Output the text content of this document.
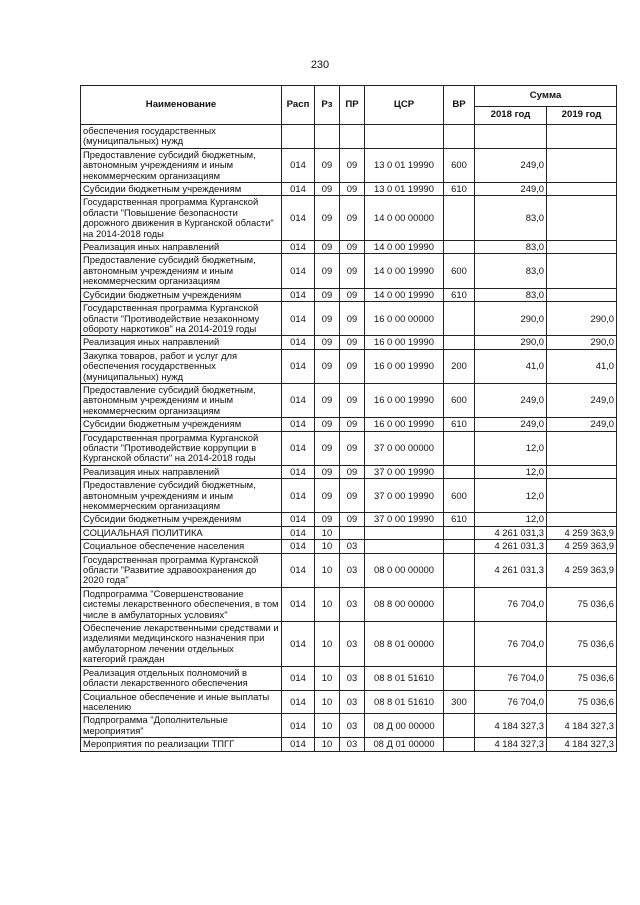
230
Наименование	Расп	Рз	ПР	ЦСР	ВР	Сумма	
						2018 год	2019 год
обеспечения государственных (муниципальных) нужд							
Предоставление субсидий бюджетным, автономным учреждениям и иным некоммерческим организациям	014	09	09	13 0 01 19990	600	249,0	
Субсидии бюджетным учреждениям	014	09	09	13 0 01 19990	610	249,0	
Государственная программа Курганской области "Повышение безопасности дорожного движения в Курганской области" на 2014-2018 годы	014	09	09	14 0 00 00000		83,0	
Реализация иных направлений	014	09	09	14 0 00 19990		83,0	
Предоставление субсидий бюджетным, автономным учреждениям и иным некоммерческим организациям	014	09	09	14 0 00 19990	600	83,0	
Субсидии бюджетным учреждениям	014	09	09	14 0 00 19990	610	83,0	
Государственная программа Курганской области "Противодействие незаконному обороту наркотиков" на 2014-2019 годы	014	09	09	16 0 00 00000		290,0	290,0
Реализация иных направлений	014	09	09	16 0 00 19990		290,0	290,0
Закупка товаров, работ и услуг для обеспечения государственных (муниципальных) нужд	014	09	09	16 0 00 19990	200	41,0	41,0
Предоставление субсидий бюджетным, автономным учреждениям и иным некоммерческим организациям	014	09	09	16 0 00 19990	600	249,0	249,0
Субсидии бюджетным учреждениям	014	09	09	16 0 00 19990	610	249,0	249,0
Государственная программа Курганской области "Противодействие коррупции в Курганской области" на 2014-2018 годы	014	09	09	37 0 00 00000		12,0	
Реализация иных направлений	014	09	09	37 0 00 19990		12,0	
Предоставление субсидий бюджетным, автономным учреждениям и иным некоммерческим организациям	014	09	09	37 0 00 19990	600	12,0	
Субсидии бюджетным учреждениям	014	09	09	37 0 00 19990	610	12,0	
СОЦИАЛЬНАЯ ПОЛИТИКА	014	10				4 261 031,3	4 259 363,9
Социальное обеспечение населения	014	10	03			4 261 031,3	4 259 363,9
Государственная программа Курганской области "Развитие здравоохранения до 2020 года"	014	10	03	08 0 00 00000		4 261 031,3	4 259 363,9
Подпрограмма "Совершенствование системы лекарственного обеспечения, в том числе в амбулаторных условиях"	014	10	03	08 8 00 00000		76 704,0	75 036,6
Обеспечение лекарственными средствами и изделиями медицинского назначения при амбулаторном лечении отдельных категорий граждан	014	10	03	08 8 01 00000		76 704,0	75 036,6
Реализация отдельных полномочий в области лекарственного обеспечения	014	10	03	08 8 01 51610		76 704,0	75 036,6
Социальное обеспечение и иные выплаты населению	014	10	03	08 8 01 51610	300	76 704,0	75 036,6
Подпрограмма "Дополнительные мероприятия"	014	10	03	08 Д 00 00000		4 184 327,3	4 184 327,3
Мероприятия по реализации ТПГГ	014	10	03	08 Д 01 00000		4 184 327,3	4 184 327,3
